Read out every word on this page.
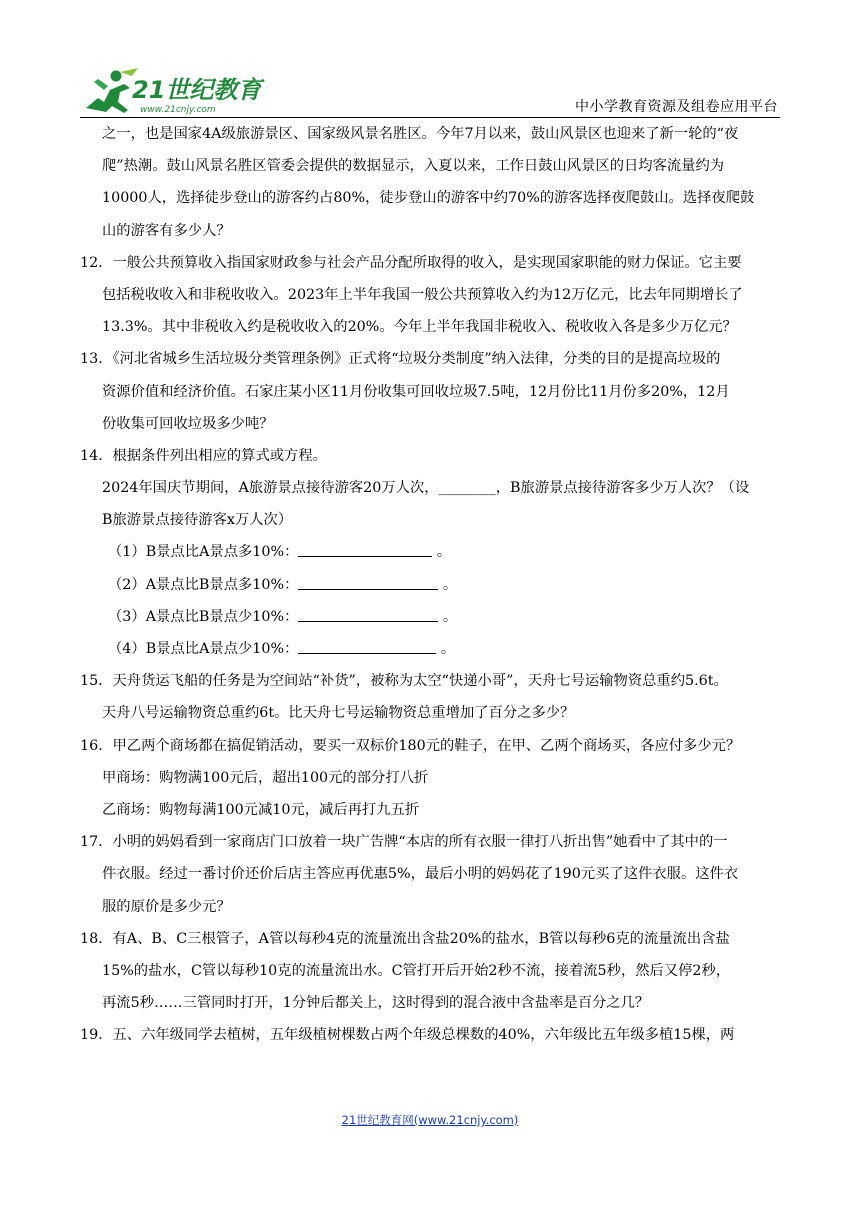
21世纪教育
www.21cnjy.com	中小学教育资源及组卷应用平台
之一，也是国家4A级旅游景区、国家级风景名胜区。今年7月以来，鼓山风景区也迎来了新一轮的“夜
爬”热潮。鼓山风景名胜区管委会提供的数据显示，入夏以来，工作日鼓山风景区的日均客流量约为
10000人，选择徒步登山的游客约占80%，徒步登山的游客中约70%的游客选择夜爬鼓山。选择夜爬鼓
山的游客有多少人？
12．一般公共预算收入指国家财政参与社会产品分配所取得的收入，是实现国家职能的财力保证。它主要
包括税收收入和非税收收入。2023年上半年我国一般公共预算收入约为12万亿元，比去年同期增长了
13.3%。其中非税收入约是税收收入的20%。今年上半年我国非税收入、税收收入各是多少万亿元？
13．《河北省城乡生活垃圾分类管理条例》正式将“垃圾分类制度”纳入法律，分类的目的是提高垃圾的
资源价值和经济价值。石家庄某小区11月份收集可回收垃圾7.5吨，12月份比11月份多20%，12月
份收集可回收垃圾多少吨？
14．根据条件列出相应的算式或方程。
2024年国庆节期间，A旅游景点接待游客20万人次，________，B旅游景点接待游客多少万人次？（设
B旅游景点接待游客x万人次）
（1）B景点比A景点多10%：	。
（2）A景点比B景点多10%：	。
（3）A景点比B景点少10%：	。
（4）B景点比A景点少10%：	。
15．天舟货运飞船的任务是为空间站“补货”，被称为太空“快递小哥”，天舟七号运输物资总重约5.6t。
天舟八号运输物资总重约6t。比天舟七号运输物资总重增加了百分之多少？
16．甲乙两个商场都在搞促销活动，要买一双标价180元的鞋子，在甲、乙两个商场买，各应付多少元？
甲商场：购物满100元后，超出100元的部分打八折
乙商场：购物每满100元减10元，减后再打九五折
17．小明的妈妈看到一家商店门口放着一块广告牌“本店的所有衣服一律打八折出售”她看中了其中的一
件衣服。经过一番讨价还价后店主答应再优惠5%，最后小明的妈妈花了190元买了这件衣服。这件衣
服的原价是多少元？
18．有A、B、C三根管子，A管以每秒4克的流量流出含盐20%的盐水，B管以每秒6克的流量流出含盐
15%的盐水，C管以每秒10克的流量流出水。C管打开后开始2秒不流，接着流5秒，然后又停2秒，
再流5秒……三管同时打开，1分钟后都关上，这时得到的混合液中含盐率是百分之几？
19．五、六年级同学去植树，五年级植树棵数占两个年级总棵数的40%，六年级比五年级多植15棵，两
21世纪教育网(www.21cnjy.com)
